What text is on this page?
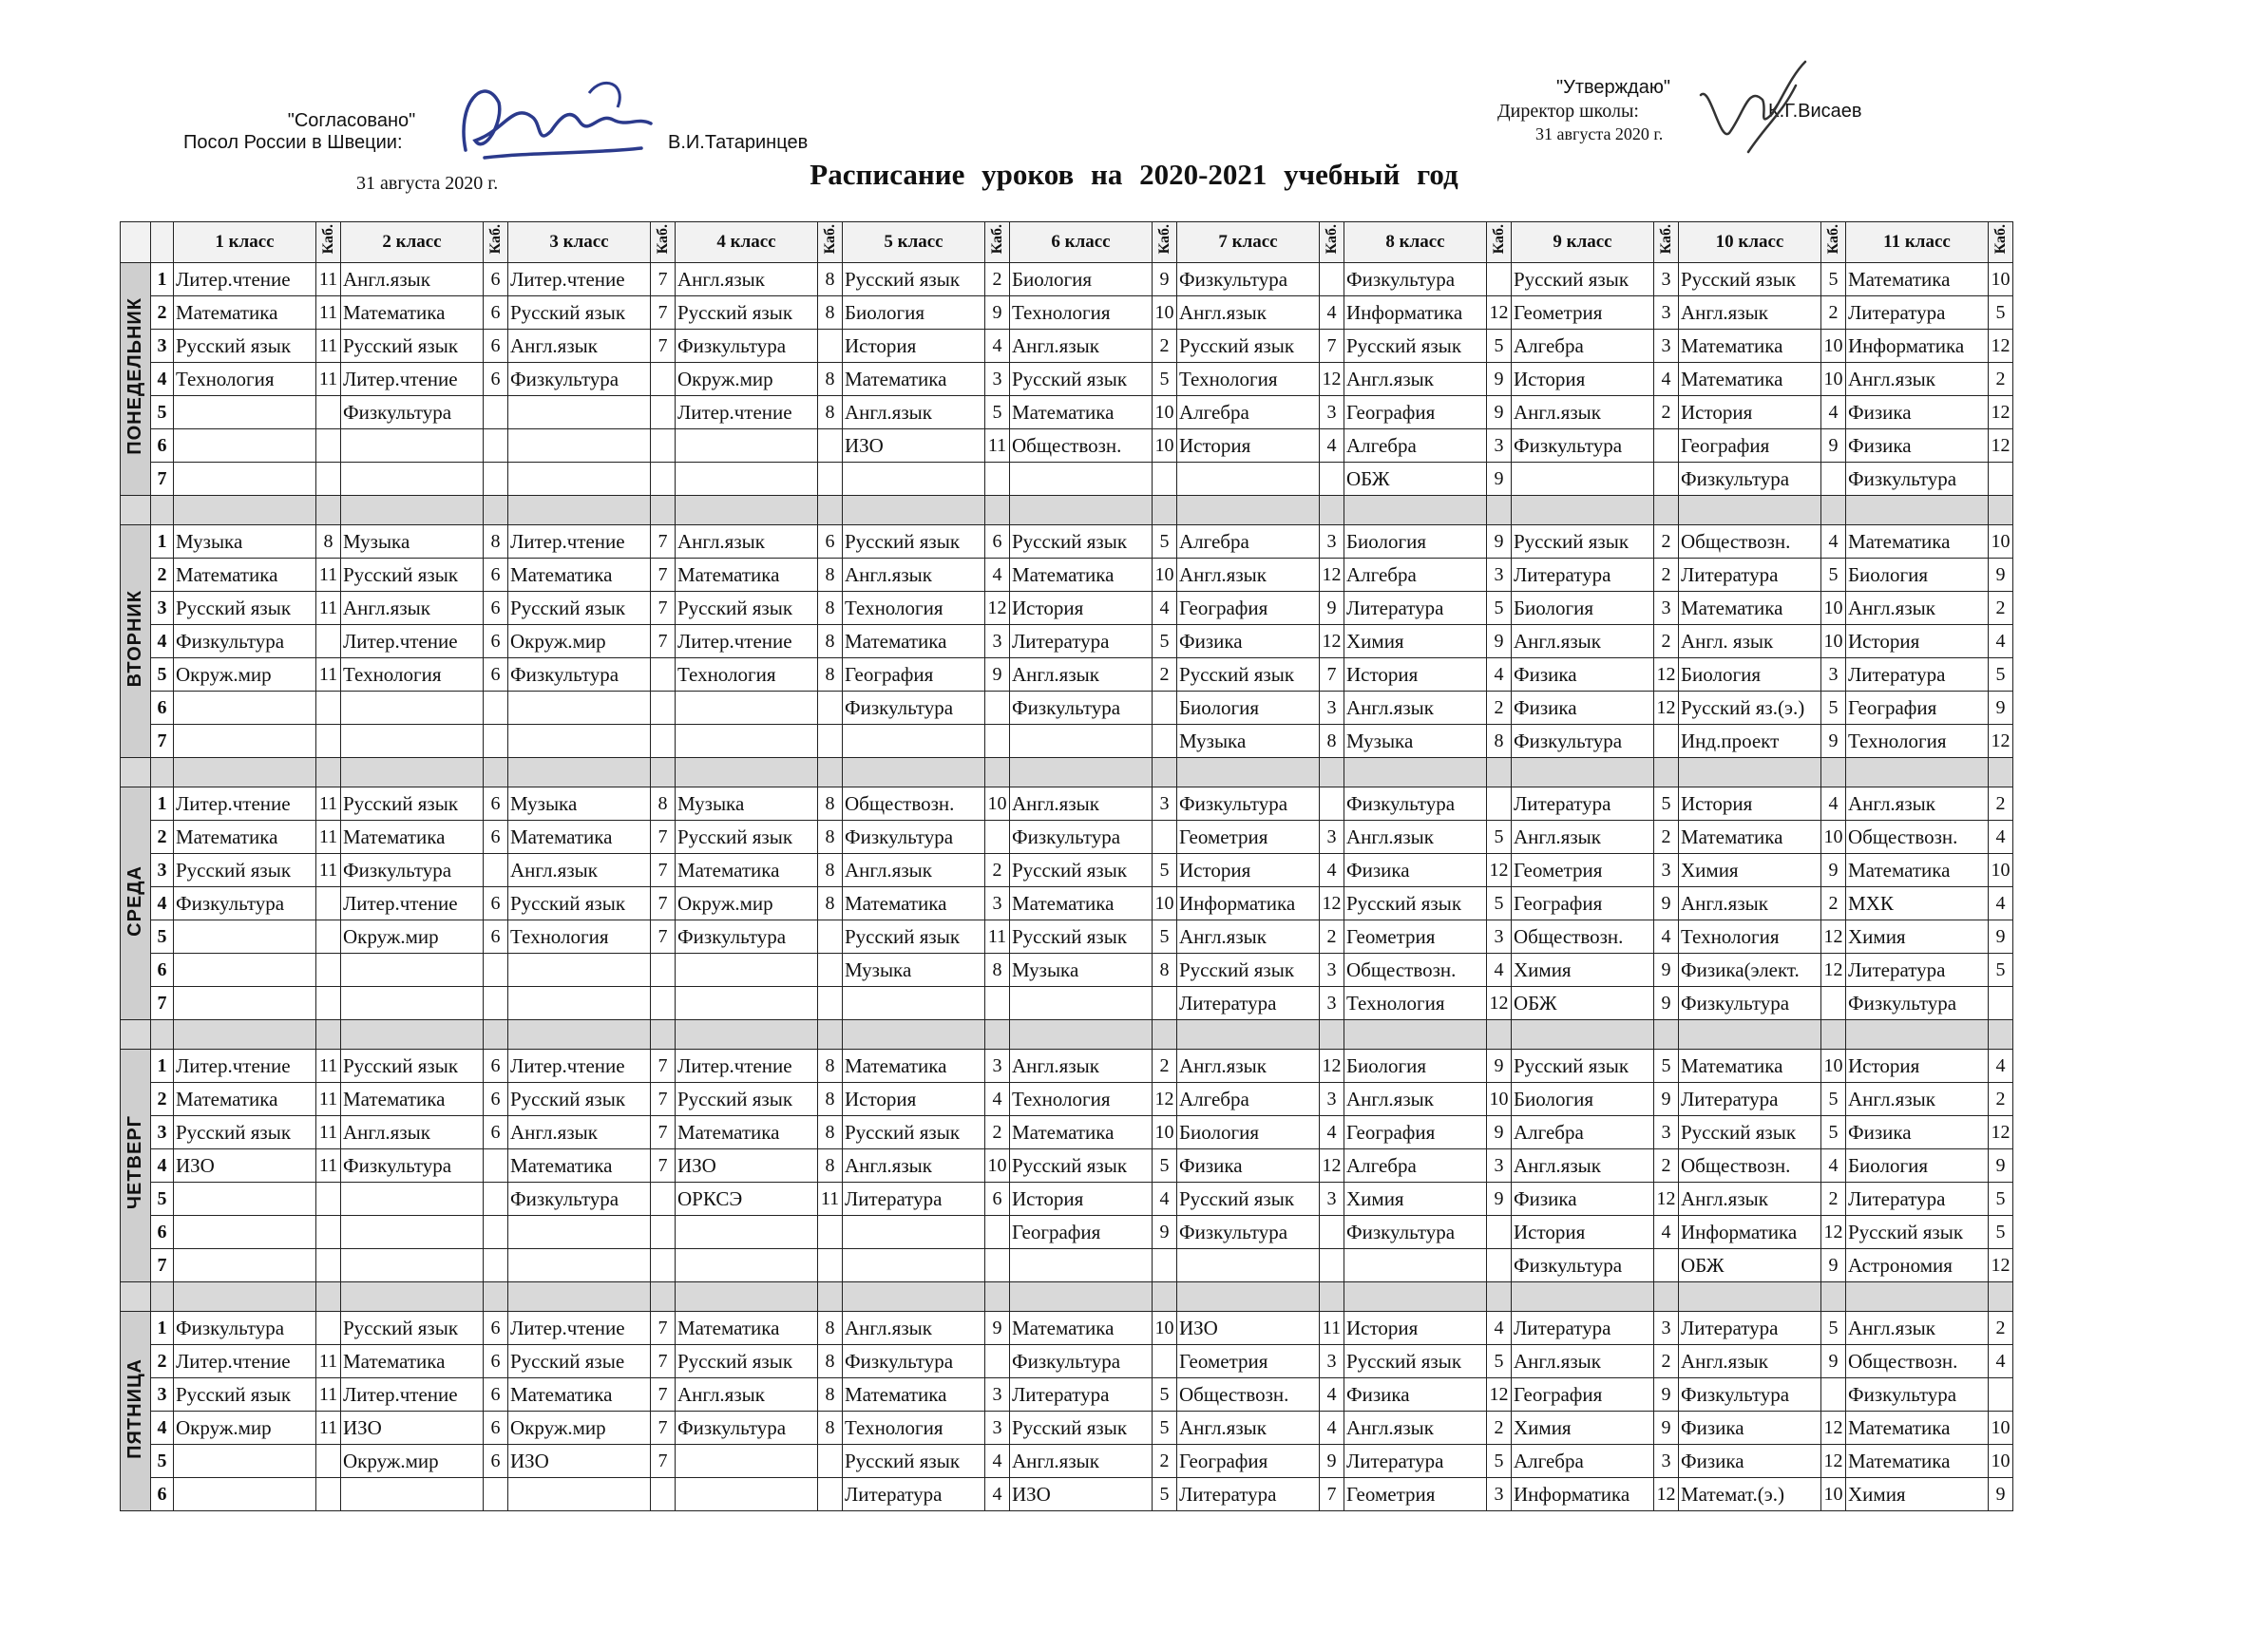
"Согласовано"
Посол России в Швеции:	В.И.Татаринцев
31 августа 2020 г.
"Утверждаю"
Директор школы:	К.Г.Висаев
31 августа 2020 г.
Расписание уроков на 2020-2021 учебный год
		1 класс	Каб.	2 класс	Каб.	3 класс	Каб.	4 класс	Каб.	5 класс	Каб.	6 класс	Каб.	7 класс	Каб.	8 класс	Каб.	9 класс	Каб.	10 класс	Каб.	11 класс	Каб.
ПОНЕДЕЛЬНИК	1	Литер.чтение	11	Англ.язык	6	Литер.чтение	7	Англ.язык	8	Русский язык	2	Биология	9	Физкультура		Физкультура		Русский язык	3	Русский язык	5	Математика	10
	2	Математика	11	Математика	6	Русский язык	7	Русский язык	8	Биология	9	Технология	10	Англ.язык	4	Информатика	12	Геометрия	3	Англ.язык	2	Литература	5
	3	Русский язык	11	Русский язык	6	Англ.язык	7	Физкультура		История	4	Англ.язык	2	Русский язык	7	Русский язык	5	Алгебра	3	Математика	10	Информатика	12
	4	Технология	11	Литер.чтение	6	Физкультура		Окруж.мир	8	Математика	3	Русский язык	5	Технология	12	Англ.язык	9	История	4	Математика	10	Англ.язык	2
	5			Физкультура				Литер.чтение	8	Англ.язык	5	Математика	10	Алгебра	3	География	9	Англ.язык	2	История	4	Физика	12
	6									ИЗО	11	Обществозн.	10	История	4	Алгебра	3	Физкультура		География	9	Физика	12
	7															ОБЖ	9			Физкультура		Физкультура	

ВТОРНИК	1	Музыка	8	Музыка	8	Литер.чтение	7	Англ.язык	6	Русский язык	6	Русский язык	5	Алгебра	3	Биология	9	Русский язык	2	Обществозн.	4	Математика	10
	2	Математика	11	Русский язык	6	Математика	7	Математика	8	Англ.язык	4	Математика	10	Англ.язык	12	Алгебра	3	Литература	2	Литература	5	Биология	9
	3	Русский язык	11	Англ.язык	6	Русский язык	7	Русский язык	8	Технология	12	История	4	География	9	Литература	5	Биология	3	Математика	10	Англ.язык	2
	4	Физкультура		Литер.чтение	6	Окруж.мир	7	Литер.чтение	8	Математика	3	Литература	5	Физика	12	Химия	9	Англ.язык	2	Англ. язык	10	История	4
	5	Окруж.мир	11	Технология	6	Физкультура		Технология	8	География	9	Англ.язык	2	Русский язык	7	История	4	Физика	12	Биология	3	Литература	5
	6									Физкультура		Физкультура		Биология	3	Англ.язык	2	Физика	12	Русский яз.(э.)	5	География	9
	7													Музыка	8	Музыка	8	Физкультура		Инд.проект	9	Технология	12

СРЕДА	1	Литер.чтение	11	Русский язык	6	Музыка	8	Музыка	8	Обществозн.	10	Англ.язык	3	Физкультура		Физкультура		Литература	5	История	4	Англ.язык	2
	2	Математика	11	Математика	6	Математика	7	Русский язык	8	Физкультура		Физкультура		Геометрия	3	Англ.язык	5	Англ.язык	2	Математика	10	Обществозн.	4
	3	Русский язык	11	Физкультура		Англ.язык	7	Математика	8	Англ.язык	2	Русский язык	5	История	4	Физика	12	Геометрия	3	Химия	9	Математика	10
	4	Физкультура		Литер.чтение	6	Русский язык	7	Окруж.мир	8	Математика	3	Математика	10	Информатика	12	Русский язык	5	География	9	Англ.язык	2	МХК	4
	5			Окруж.мир	6	Технология	7	Физкультура		Русский язык	11	Русский язык	5	Англ.язык	2	Геометрия	3	Обществозн.	4	Технология	12	Химия	9
	6									Музыка	8	Музыка	8	Русский язык	3	Обществозн.	4	Химия	9	Физика(элект.	12	Литература	5
	7													Литература	3	Технология	12	ОБЖ	9	Физкультура		Физкультура	

ЧЕТВЕРГ	1	Литер.чтение	11	Русский язык	6	Литер.чтение	7	Литер.чтение	8	Математика	3	Англ.язык	2	Англ.язык	12	Биология	9	Русский язык	5	Математика	10	История	4
	2	Математика	11	Математика	6	Русский язык	7	Русский язык	8	История	4	Технология	12	Алгебра	3	Англ.язык	10	Биология	9	Литература	5	Англ.язык	2
	3	Русский язык	11	Англ.язык	6	Англ.язык	7	Математика	8	Русский язык	2	Математика	10	Биология	4	География	9	Алгебра	3	Русский язык	5	Физика	12
	4	ИЗО	11	Физкультура		Математика	7	ИЗО	8	Англ.язык	10	Русский язык	5	Физика	12	Алгебра	3	Англ.язык	2	Обществозн.	4	Биология	9
	5					Физкультура		ОРКСЭ	11	Литература	6	История	4	Русский язык	3	Химия	9	Физика	12	Англ.язык	2	Литература	5
	6											География	9	Физкультура		Физкультура		История	4	Информатика	12	Русский язык	5
	7																	Физкультура		ОБЖ	9	Астрономия	12

ПЯТНИЦА	1	Физкультура		Русский язык	6	Литер.чтение	7	Математика	8	Англ.язык	9	Математика	10	ИЗО	11	История	4	Литература	3	Литература	5	Англ.язык	2
	2	Литер.чтение	11	Математика	6	Русский язые	7	Русский язык	8	Физкультура		Физкультура		Геометрия	3	Русский язык	5	Англ.язык	2	Англ.язык	9	Обществозн.	4
	3	Русский язык	11	Литер.чтение	6	Математика	7	Англ.язык	8	Математика	3	Литература	5	Обществозн.	4	Физика	12	География	9	Физкультура		Физкультура	
	4	Окруж.мир	11	ИЗО	6	Окруж.мир	7	Физкультура	8	Технология	3	Русский язык	5	Англ.язык	4	Англ.язык	2	Химия	9	Физика	12	Математика	10
	5			Окруж.мир	6	ИЗО	7			Русский язык	4	Англ.язык	2	География	9	Литература	5	Алгебра	3	Физика	12	Математика	10
	6									Литература	4	ИЗО	5	Литература	7	Геометрия	3	Информатика	12	Математ.(э.)	10	Химия	9
